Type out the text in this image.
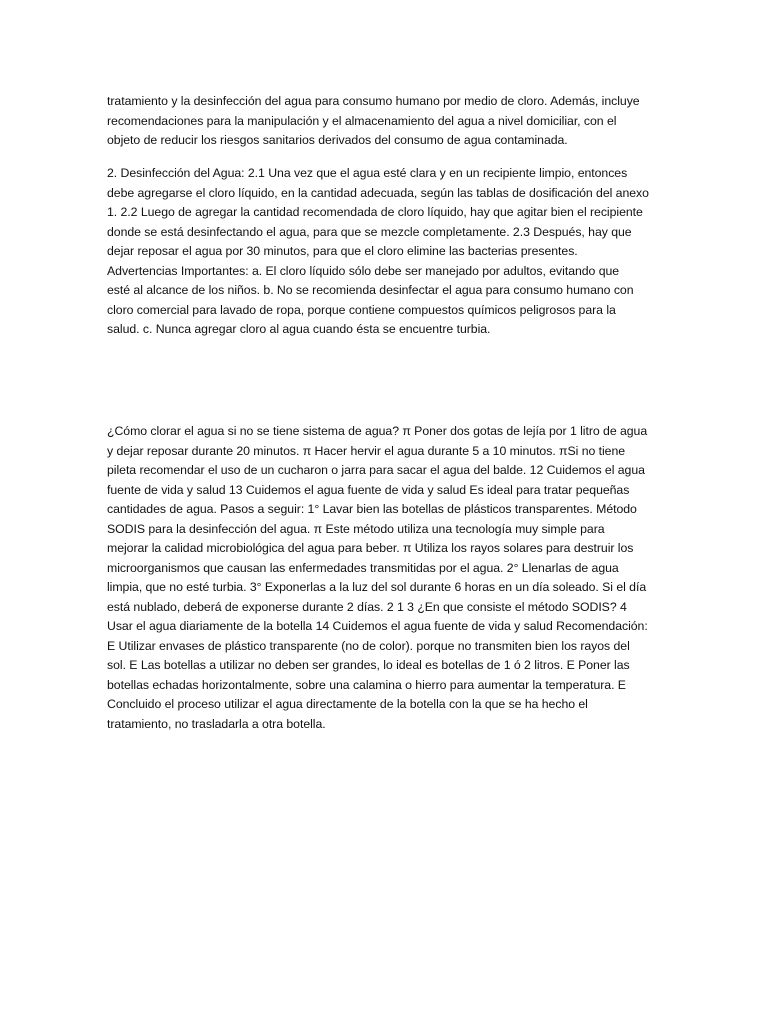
tratamiento y la desinfección del agua para consumo humano por medio de cloro. Además, incluye
recomendaciones para la manipulación y el almacenamiento del agua a nivel domiciliar, con el
objeto de reducir los riesgos sanitarios derivados del consumo de agua contaminada.
2. Desinfección del Agua: 2.1 Una vez que el agua esté clara y en un recipiente limpio, entonces
debe agregarse el cloro líquido, en la cantidad adecuada, según las tablas de dosificación del anexo
1. 2.2 Luego de agregar la cantidad recomendada de cloro líquido, hay que agitar bien el recipiente
donde se está desinfectando el agua, para que se mezcle completamente. 2.3 Después, hay que
dejar reposar el agua por 30 minutos, para que el cloro elimine las bacterias presentes.
Advertencias Importantes: a. El cloro líquido sólo debe ser manejado por adultos, evitando que
esté al alcance de los niños. b. No se recomienda desinfectar el agua para consumo humano con
cloro comercial para lavado de ropa, porque contiene compuestos químicos peligrosos para la
salud. c. Nunca agregar cloro al agua cuando ésta se encuentre turbia.
¿Cómo clorar el agua si no se tiene sistema de agua? π Poner dos gotas de lejía por 1 litro de agua
y dejar reposar durante 20 minutos. π Hacer hervir el agua durante 5 a 10 minutos. πSi no tiene
pileta recomendar el uso de un cucharon o jarra para sacar el agua del balde. 12 Cuidemos el agua
fuente de vida y salud 13 Cuidemos el agua fuente de vida y salud Es ideal para tratar pequeñas
cantidades de agua. Pasos a seguir: 1° Lavar bien las botellas de plásticos transparentes. Método
SODIS para la desinfección del agua. π Este método utiliza una tecnología muy simple para
mejorar la calidad microbiológica del agua para beber. π Utiliza los rayos solares para destruir los
microorganismos que causan las enfermedades transmitidas por el agua. 2° Llenarlas de agua
limpia, que no esté turbia. 3° Exponerlas a la luz del sol durante 6 horas en un día soleado. Si el día
está nublado, deberá de exponerse durante 2 días. 2 1 3 ¿En que consiste el método SODIS? 4
Usar el agua diariamente de la botella 14 Cuidemos el agua fuente de vida y salud Recomendación:
E Utilizar envases de plástico transparente (no de color). porque no transmiten bien los rayos del
sol. E Las botellas a utilizar no deben ser grandes, lo ideal es botellas de 1 ó 2 litros. E Poner las
botellas echadas horizontalmente, sobre una calamina o hierro para aumentar la temperatura. E
Concluido el proceso utilizar el agua directamente de la botella con la que se ha hecho el
tratamiento, no trasladarla a otra botella.
